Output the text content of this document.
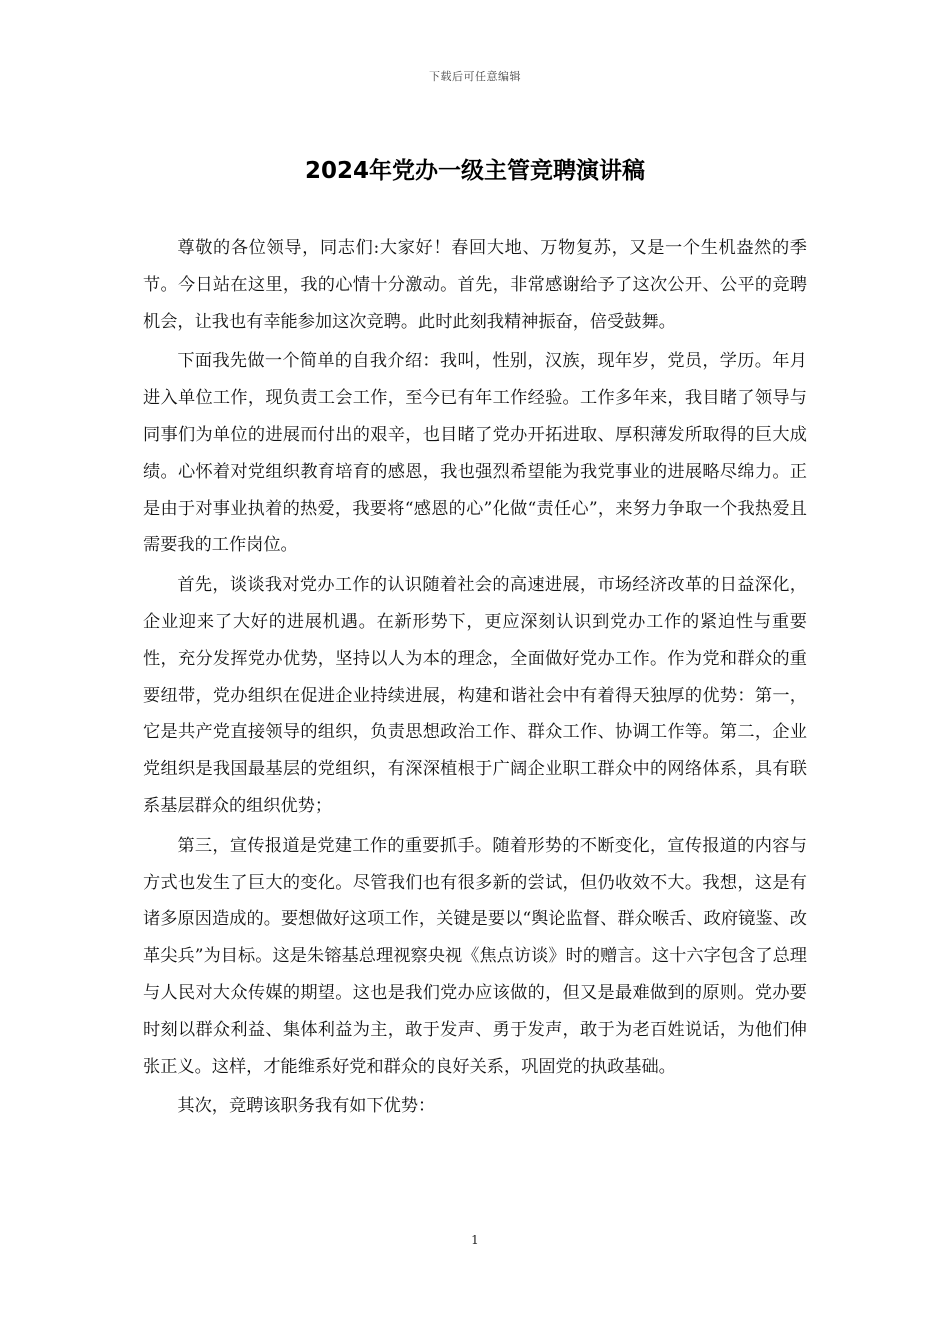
下载后可任意编辑
2024年党办一级主管竞聘演讲稿

尊敬的各位领导，同志们:大家好！春回大地、万物复苏，又是一个生机盎然的季节。今日站在这里，我的心情十分激动。首先，非常感谢给予了这次公开、公平的竞聘机会，让我也有幸能参加这次竞聘。此时此刻我精神振奋，倍受鼓舞。

下面我先做一个简单的自我介绍：我叫，性别，汉族，现年岁，党员，学历。年月进入单位工作，现负责工会工作，至今已有年工作经验。工作多年来，我目睹了领导与同事们为单位的进展而付出的艰辛，也目睹了党办开拓进取、厚积薄发所取得的巨大成绩。心怀着对党组织教育培育的感恩，我也强烈希望能为我党事业的进展略尽绵力。正是由于对事业执着的热爱，我要将“感恩的心”化做“责任心”，来努力争取一个我热爱且需要我的工作岗位。

首先，谈谈我对党办工作的认识随着社会的高速进展，市场经济改革的日益深化，企业迎来了大好的进展机遇。在新形势下，更应深刻认识到党办工作的紧迫性与重要性，充分发挥党办优势，坚持以人为本的理念，全面做好党办工作。作为党和群众的重要纽带，党办组织在促进企业持续进展，构建和谐社会中有着得天独厚的优势：第一，它是共产党直接领导的组织，负责思想政治工作、群众工作、协调工作等。第二，企业党组织是我国最基层的党组织，有深深植根于广阔企业职工群众中的网络体系，具有联系基层群众的组织优势；

第三，宣传报道是党建工作的重要抓手。随着形势的不断变化，宣传报道的内容与方式也发生了巨大的变化。尽管我们也有很多新的尝试，但仍收效不大。我想，这是有诸多原因造成的。要想做好这项工作，关键是要以“舆论监督、群众喉舌、政府镜鉴、改革尖兵”为目标。这是朱镕基总理视察央视《焦点访谈》时的赠言。这十六字包含了总理与人民对大众传媒的期望。这也是我们党办应该做的，但又是最难做到的原则。党办要时刻以群众利益、集体利益为主，敢于发声、勇于发声，敢于为老百姓说话，为他们伸张正义。这样，才能维系好党和群众的良好关系，巩固党的执政基础。

其次，竞聘该职务我有如下优势：

1
